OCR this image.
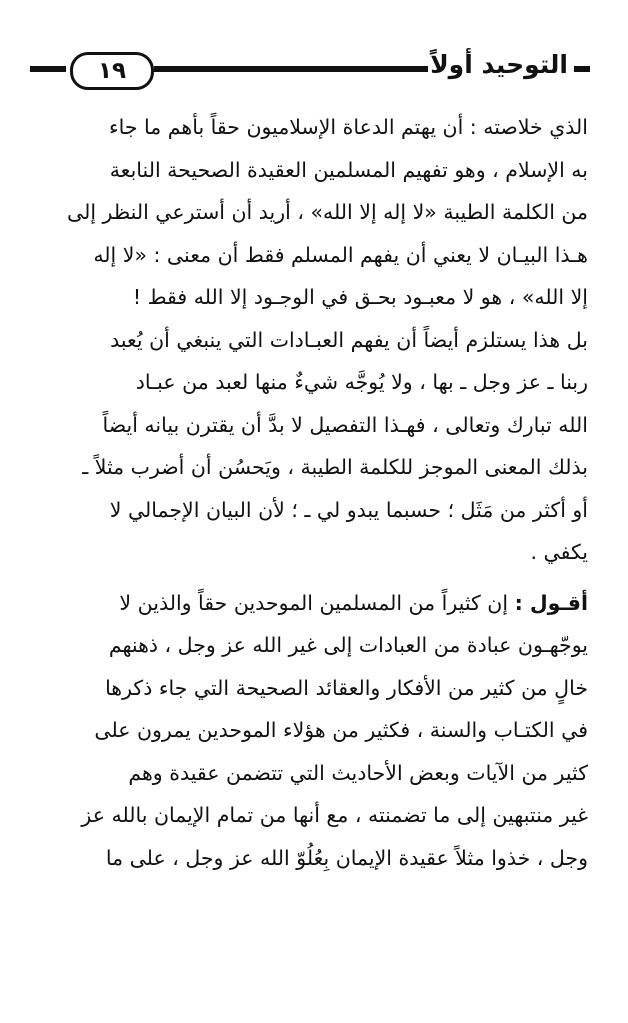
التوحيد أولاً
١٩
الذي خلاصته : أن يهتم الدعاة الإسلاميون حقاً بأهم ما جاء
به الإسلام ، وهو تفهيم المسلمين العقيدة الصحيحة النابعة
من الكلمة الطيبة «لا إله إلا الله» ، أريد أن أسترعي النظر إلى
هـذا البيـان لا يعني أن يفهم المسلم فقط أن معنى : «لا إله
إلا الله» ، هو لا معبـود بحـق في الوجـود إلا الله فقط !
بل هذا يستلزم أيضاً أن يفهم العبـادات التي ينبغي أن يُعبد
ربنا ـ عز وجل ـ بها ، ولا يُوجَّه شيءٌ منها لعبد من عبـاد
الله تبارك وتعالى ، فهـذا التفصيل لا بدَّ أن يقترن بيانه أيضاً
بذلك المعنى الموجز للكلمة الطيبة ، ويَحسُن أن أضرب مثلاً ـ
أو أكثر من مَثَل ؛ حسبما يبدو لي ـ ؛ لأن البيان الإجمالي لا
يكفي .
أقـول : إن كثيراً من المسلمين الموحدين حقاً والذين لا
يوجّهـون عبادة من العبادات إلى غير الله عز وجل ، ذهنهم
خالٍ من كثير من الأفكار والعقائد الصحيحة التي جاء ذكرها
في الكتـاب والسنة ، فكثير من هؤلاء الموحدين يمرون على
كثير من الآيات وبعض الأحاديث التي تتضمن عقيدة وهم
غير منتبهين إلى ما تضمنته ، مع أنها من تمام الإيمان بالله عز
وجل ، خذوا مثلاً عقيدة الإيمان بِعُلُوّ الله عز وجل ، على ما
